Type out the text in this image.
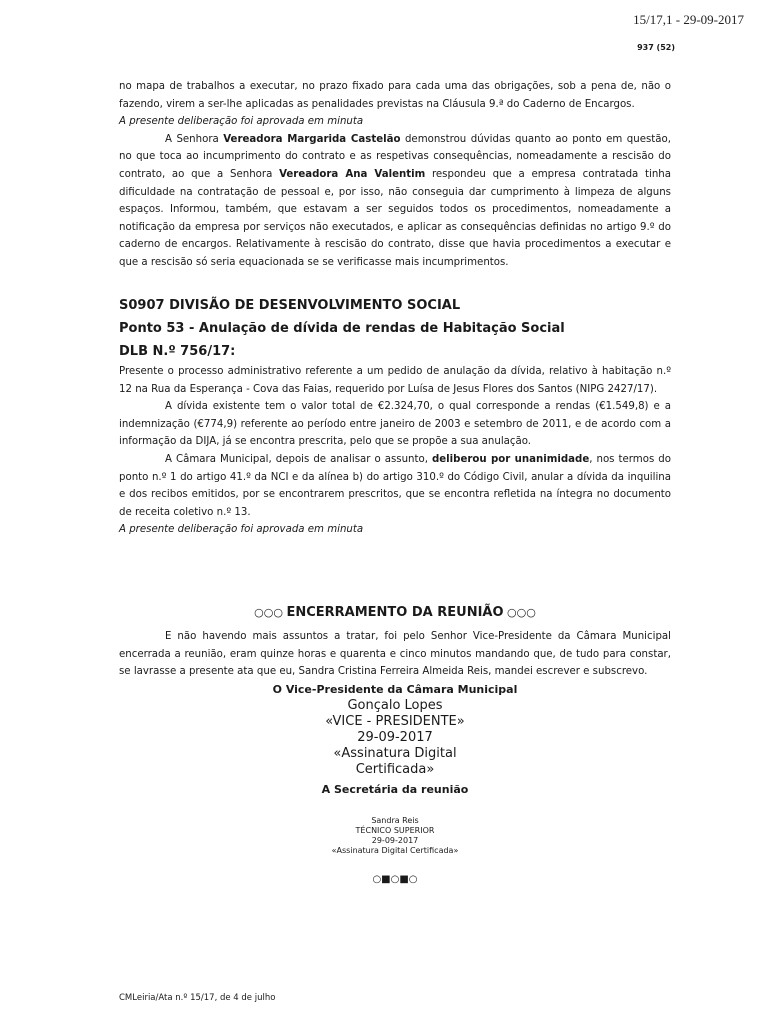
15/17,1 - 29-09-2017
937 (52)

no mapa de trabalhos a executar, no prazo fixado para cada uma das obrigações, sob a pena de, não o fazendo, virem a ser-lhe aplicadas as penalidades previstas na Cláusula 9.ª do Caderno de Encargos.

A presente deliberação foi aprovada em minuta

A Senhora Vereadora Margarida Castelão demonstrou dúvidas quanto ao ponto em questão, no que toca ao incumprimento do contrato e as respetivas consequências, nomeadamente a rescisão do contrato, ao que a Senhora Vereadora Ana Valentim respondeu que a empresa contratada tinha dificuldade na contratação de pessoal e, por isso, não conseguia dar cumprimento à limpeza de alguns espaços. Informou, também, que estavam a ser seguidos todos os procedimentos, nomeadamente a notificação da empresa por serviços não executados, e aplicar as consequências definidas no artigo 9.º do caderno de encargos. Relativamente à rescisão do contrato, disse que havia procedimentos a executar e que a rescisão só seria equacionada se se verificasse mais incumprimentos.

S0907 DIVISÃO DE DESENVOLVIMENTO SOCIAL

Ponto 53 - Anulação de dívida de rendas de Habitação Social

DLB N.º 756/17:

Presente o processo administrativo referente a um pedido de anulação da dívida, relativo à habitação n.º 12 na Rua da Esperança - Cova das Faias, requerido por Luísa de Jesus Flores dos Santos (NIPG 2427/17).

A dívida existente tem o valor total de €2.324,70, o qual corresponde a rendas (€1.549,8) e a indemnização (€774,9) referente ao período entre janeiro de 2003 e setembro de 2011, e de acordo com a informação da DIJA, já se encontra prescrita, pelo que se propõe a sua anulação.

A Câmara Municipal, depois de analisar o assunto, deliberou por unanimidade, nos termos do ponto n.º 1 do artigo 41.º da NCI e da alínea b) do artigo 310.º do Código Civil, anular a dívida da inquilina e dos recibos emitidos, por se encontrarem prescritos, que se encontra refletida na íntegra no documento de receita coletivo n.º 13.

A presente deliberação foi aprovada em minuta

○○○ ENCERRAMENTO DA REUNIÃO ○○○

E não havendo mais assuntos a tratar, foi pelo Senhor Vice-Presidente da Câmara Municipal encerrada a reunião, eram quinze horas e quarenta e cinco minutos mandando que, de tudo para constar, se lavrasse a presente ata que eu, Sandra Cristina Ferreira Almeida Reis, mandei escrever e subscrevo.

O Vice-Presidente da Câmara Municipal

Gonçalo Lopes

«VICE - PRESIDENTE»

29-09-2017

«Assinatura Digital

Certificada»

A Secretária da reunião

Sandra Reis

TÉCNICO SUPERIOR

29-09-2017

«Assinatura Digital Certificada»

○■○■○
CMLeiria/Ata n.º 15/17, de 4 de julho
